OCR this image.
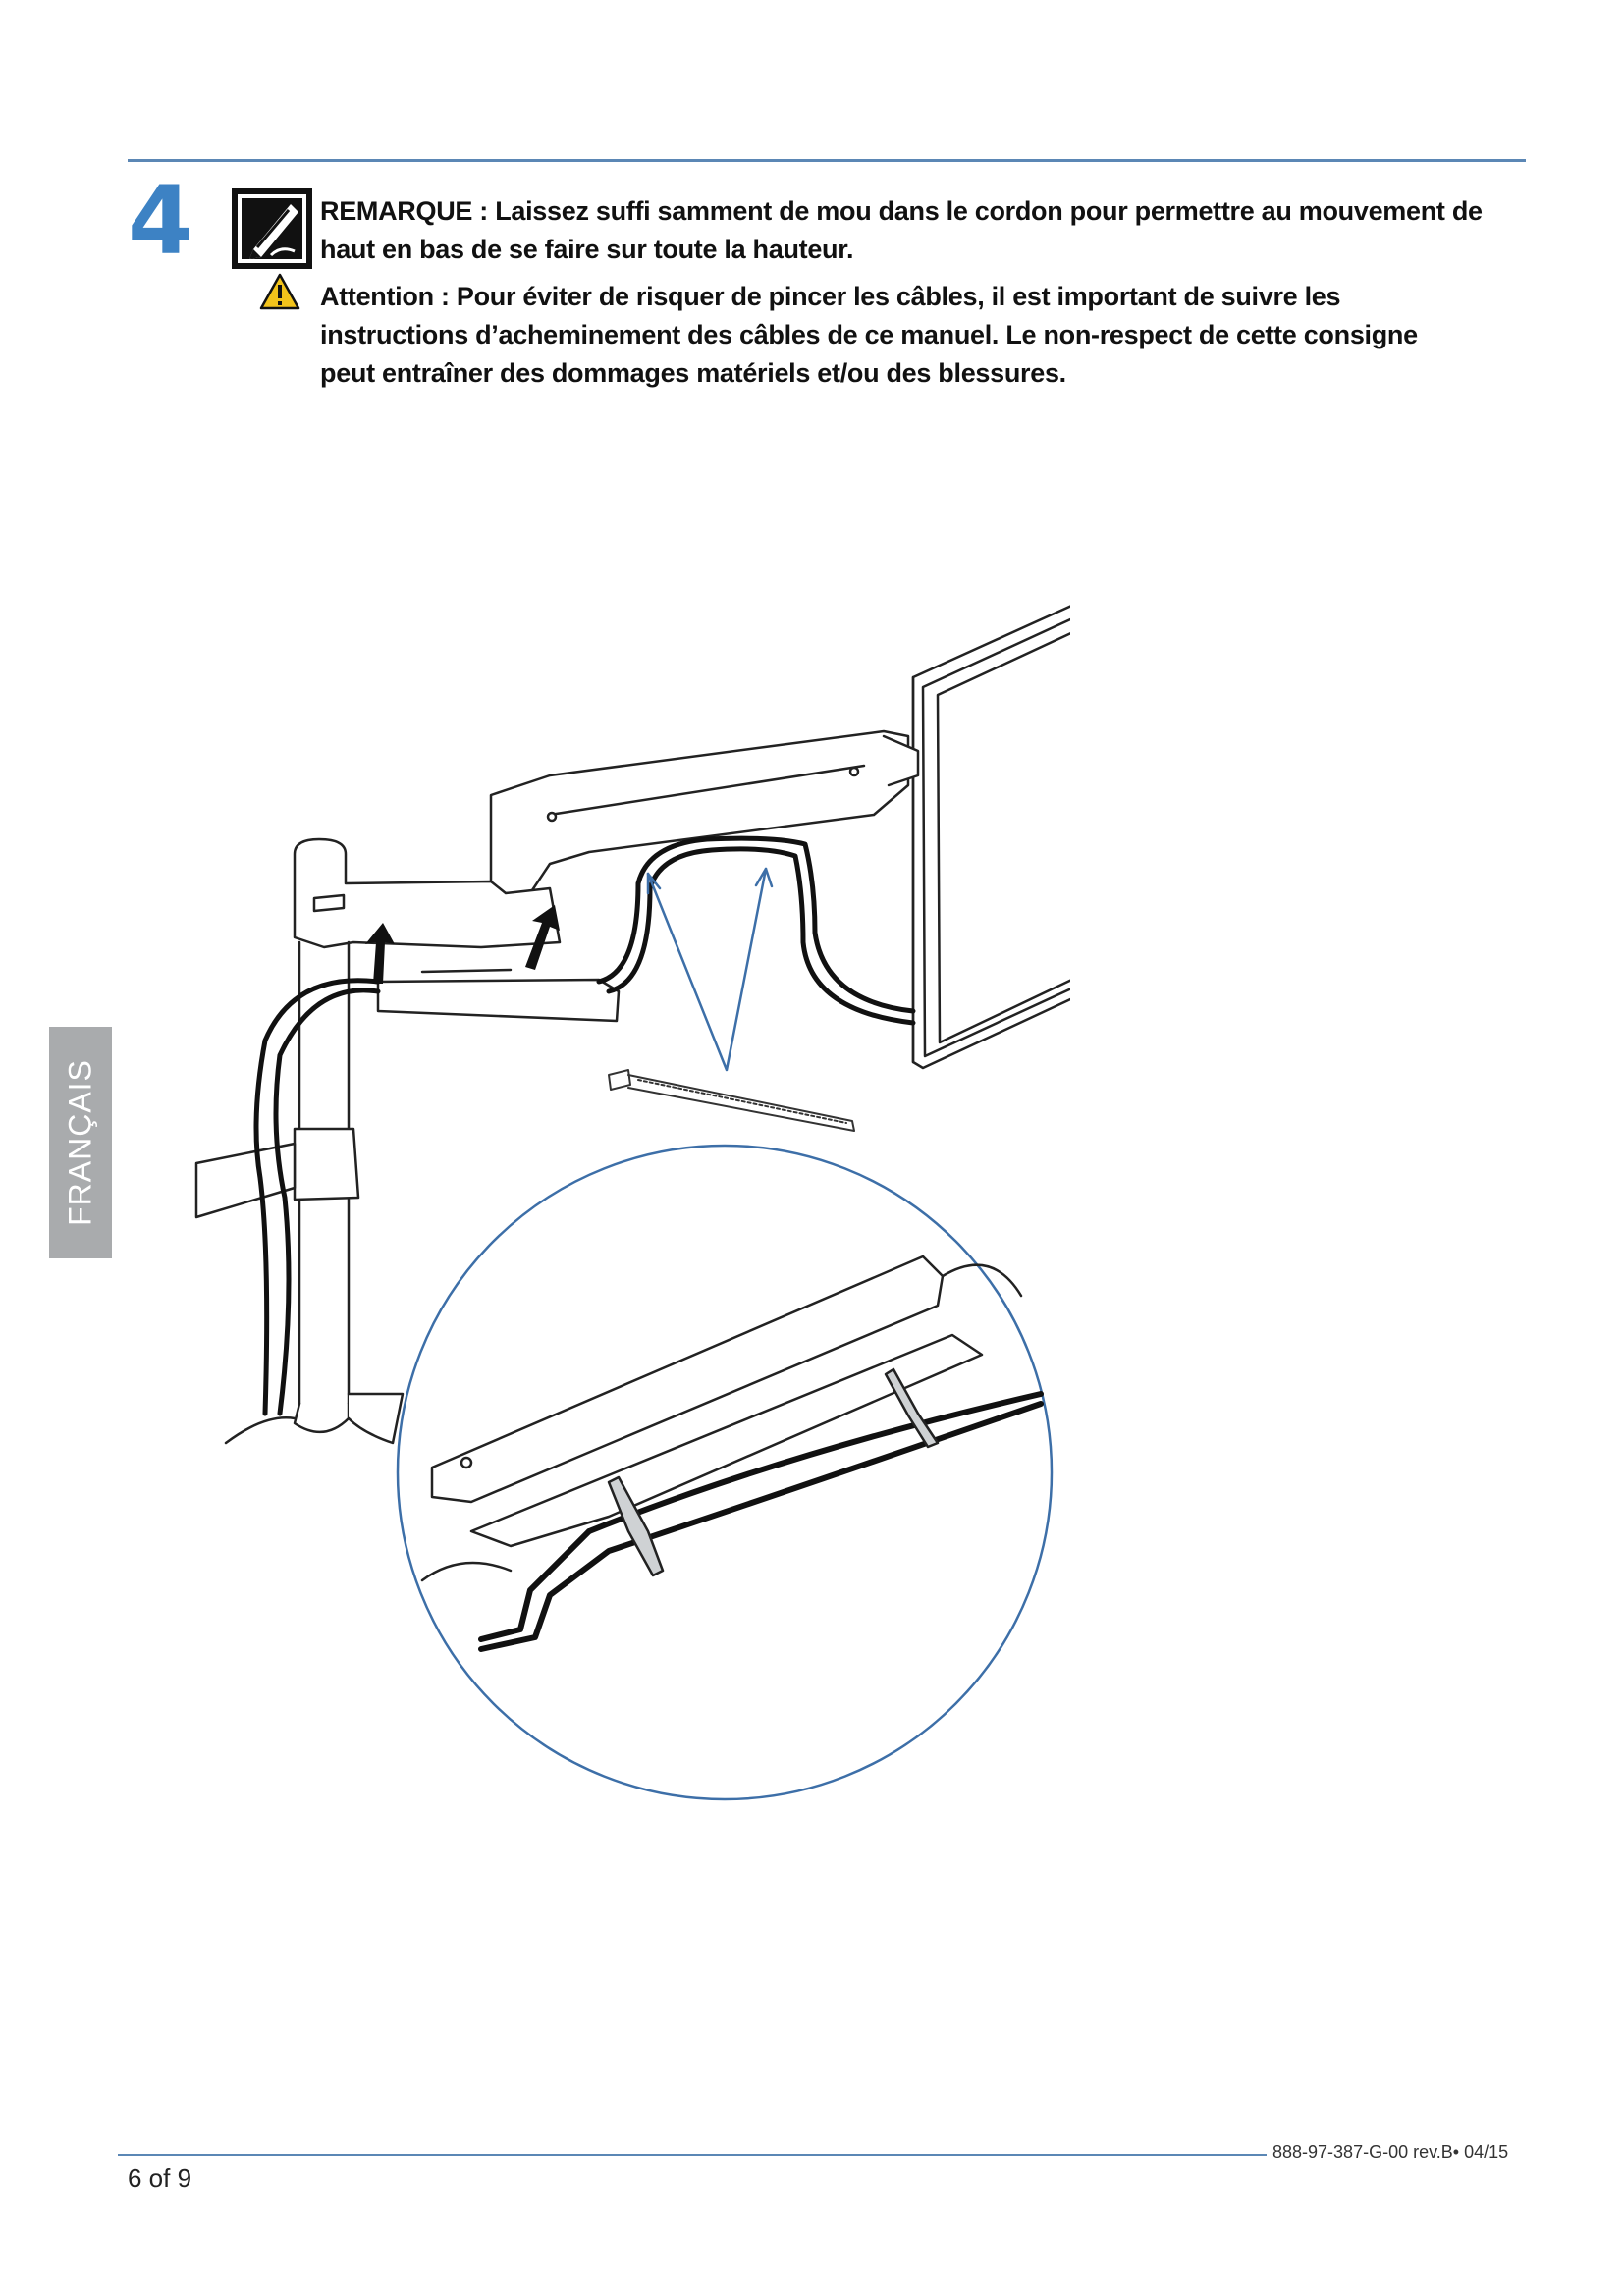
4	REMARQUE : Laissez suffi samment de mou dans le cordon pour permettre au mouvement de haut en bas de se faire sur toute la hauteur.
Attention : Pour éviter de risquer de pincer les câbles, il est important de suivre les instructions d’acheminement des câbles de ce manuel. Le non-respect de cette consigne peut entraîner des dommages matériels et/ou des blessures.
FRANÇAIS
6 of 9
888-97-387-G-00 rev.B• 04/15
